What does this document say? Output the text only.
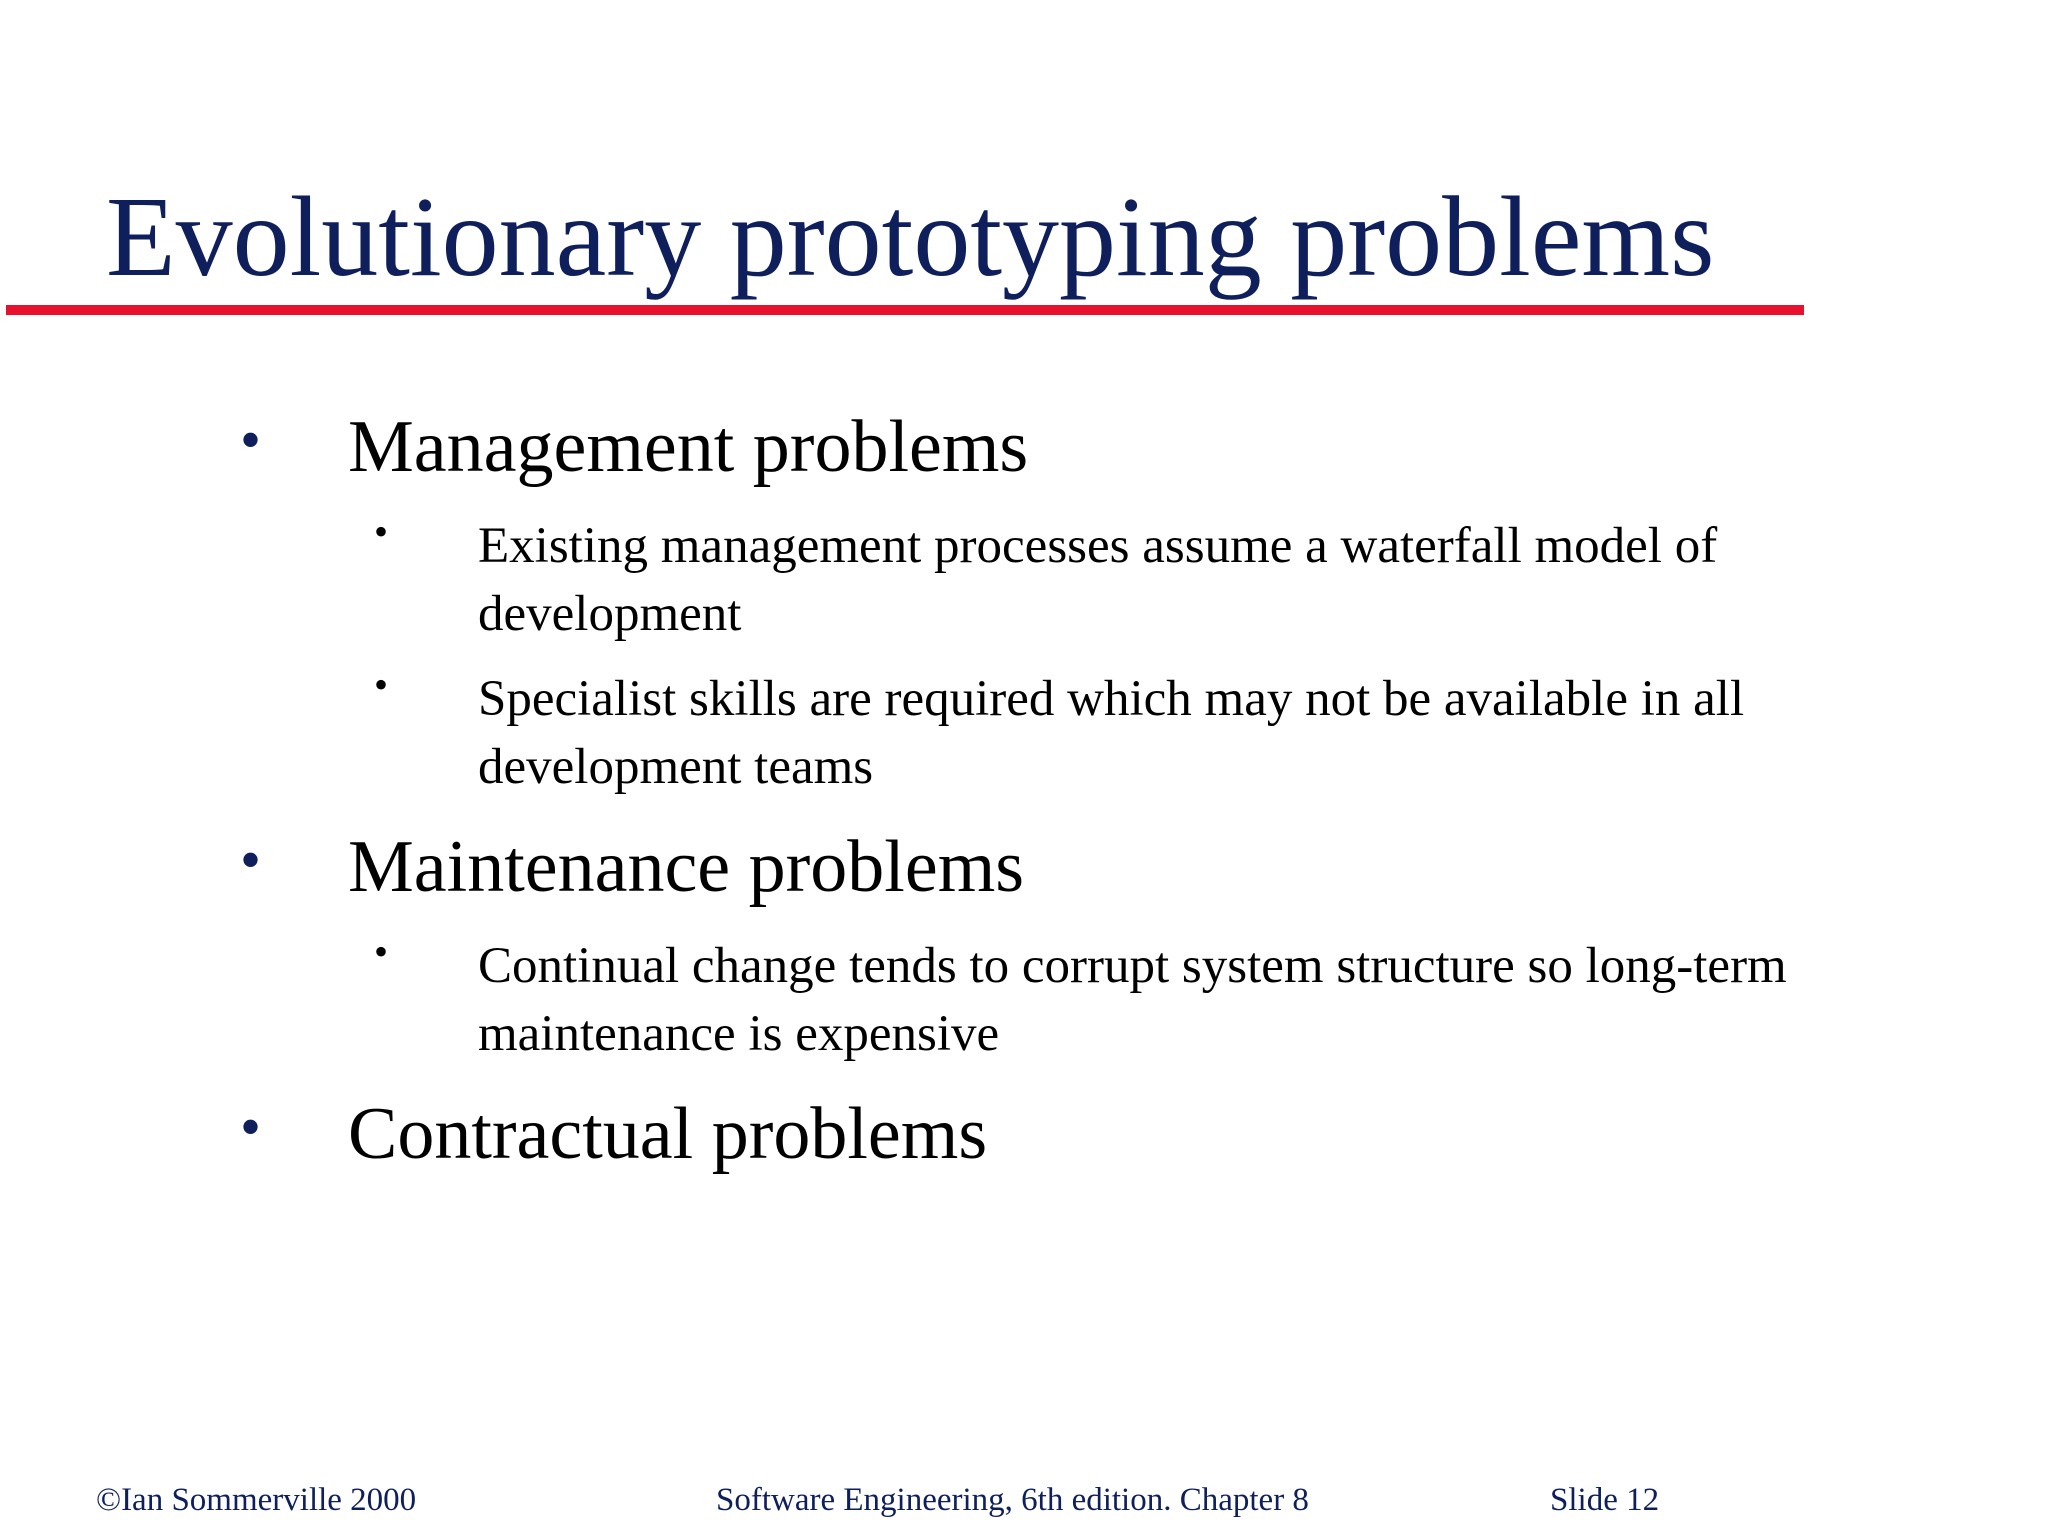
Evolutionary prototyping problems
• Management problems
• Existing management processes assume a waterfall model of development
• Specialist skills are required which may not be available in all development teams
• Maintenance problems
• Continual change tends to corrupt system structure so long-term maintenance is expensive
• Contractual problems
©Ian Sommerville 2000	Software Engineering, 6th edition. Chapter 8	Slide 12
